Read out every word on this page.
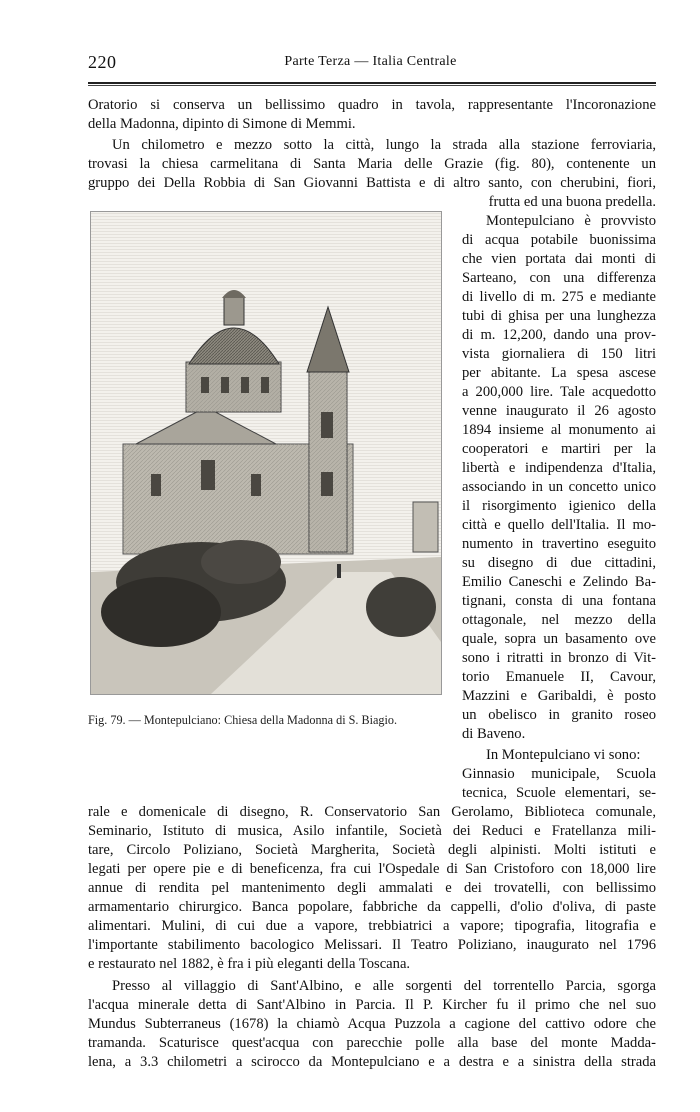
220	Parte Terza — Italia Centrale
Oratorio si conserva un bellissimo quadro in tavola, rappresentante l'Incoronazione
della Madonna, dipinto di Simone di Memmi.
Un chilometro e mezzo sotto la città, lungo la strada alla stazione ferroviaria,
trovasi la chiesa carmelitana di Santa Maria delle Grazie (fig. 80), contenente un
gruppo dei Della Robbia di San Giovanni Battista e di altro santo, con cherubini, fiori,
frutta ed una buona predella.
Montepulciano è provvisto
di acqua potabile buonissima
che vien portata dai monti di
Sarteano, con una differenza
di livello di m. 275 e mediante
tubi di ghisa per una lunghezza
di m. 12,200, dando una prov-
vista giornaliera di 150 litri
per abitante. La spesa ascese
a 200,000 lire. Tale acquedotto
venne inaugurato il 26 agosto
1894 insieme al monumento ai
cooperatori e martiri per la
libertà e indipendenza d'Italia,
associando in un concetto unico
il risorgimento igienico della
città e quello dell'Italia. Il mo-
numento in travertino eseguito
su disegno di due cittadini,
Emilio Caneschi e Zelindo Ba-
tignani, consta di una fontana
ottagonale, nel mezzo della
quale, sopra un basamento ove
sono i ritratti in bronzo di Vit-
torio Emanuele II, Cavour,
Mazzini e Garibaldi, è posto
un obelisco in granito roseo
di Baveno.
Fig. 79. — Montepulciano: Chiesa della Madonna di S. Biagio.
In Montepulciano vi sono:
Ginnasio municipale, Scuola
tecnica, Scuole elementari, se-
rale e domenicale di disegno, R. Conservatorio San Gerolamo, Biblioteca comunale,
Seminario, Istituto di musica, Asilo infantile, Società dei Reduci e Fratellanza mili-
tare, Circolo Poliziano, Società Margherita, Società degli alpinisti. Molti istituti e
legati per opere pie e di beneficenza, fra cui l'Ospedale di San Cristoforo con 18,000 lire
annue di rendita pel mantenimento degli ammalati e dei trovatelli, con bellissimo
armamentario chirurgico. Banca popolare, fabbriche da cappelli, d'olio d'oliva, di paste
alimentari. Mulini, di cui due a vapore, trebbiatrici a vapore; tipografia, litografia e
l'importante stabilimento bacologico Melissari. Il Teatro Poliziano, inaugurato nel 1796
e restaurato nel 1882, è fra i più eleganti della Toscana.
Presso al villaggio di Sant'Albino, e alle sorgenti del torrentello Parcia, sgorga
l'acqua minerale detta di Sant'Albino in Parcia. Il P. Kircher fu il primo che nel suo
Mundus Subterraneus (1678) la chiamò Acqua Puzzola a cagione del cattivo odore che
tramanda. Scaturisce quest'acqua con parecchie polle alla base del monte Madda-
lena, a 3.3 chilometri a scirocco da Montepulciano e a destra e a sinistra della strada
